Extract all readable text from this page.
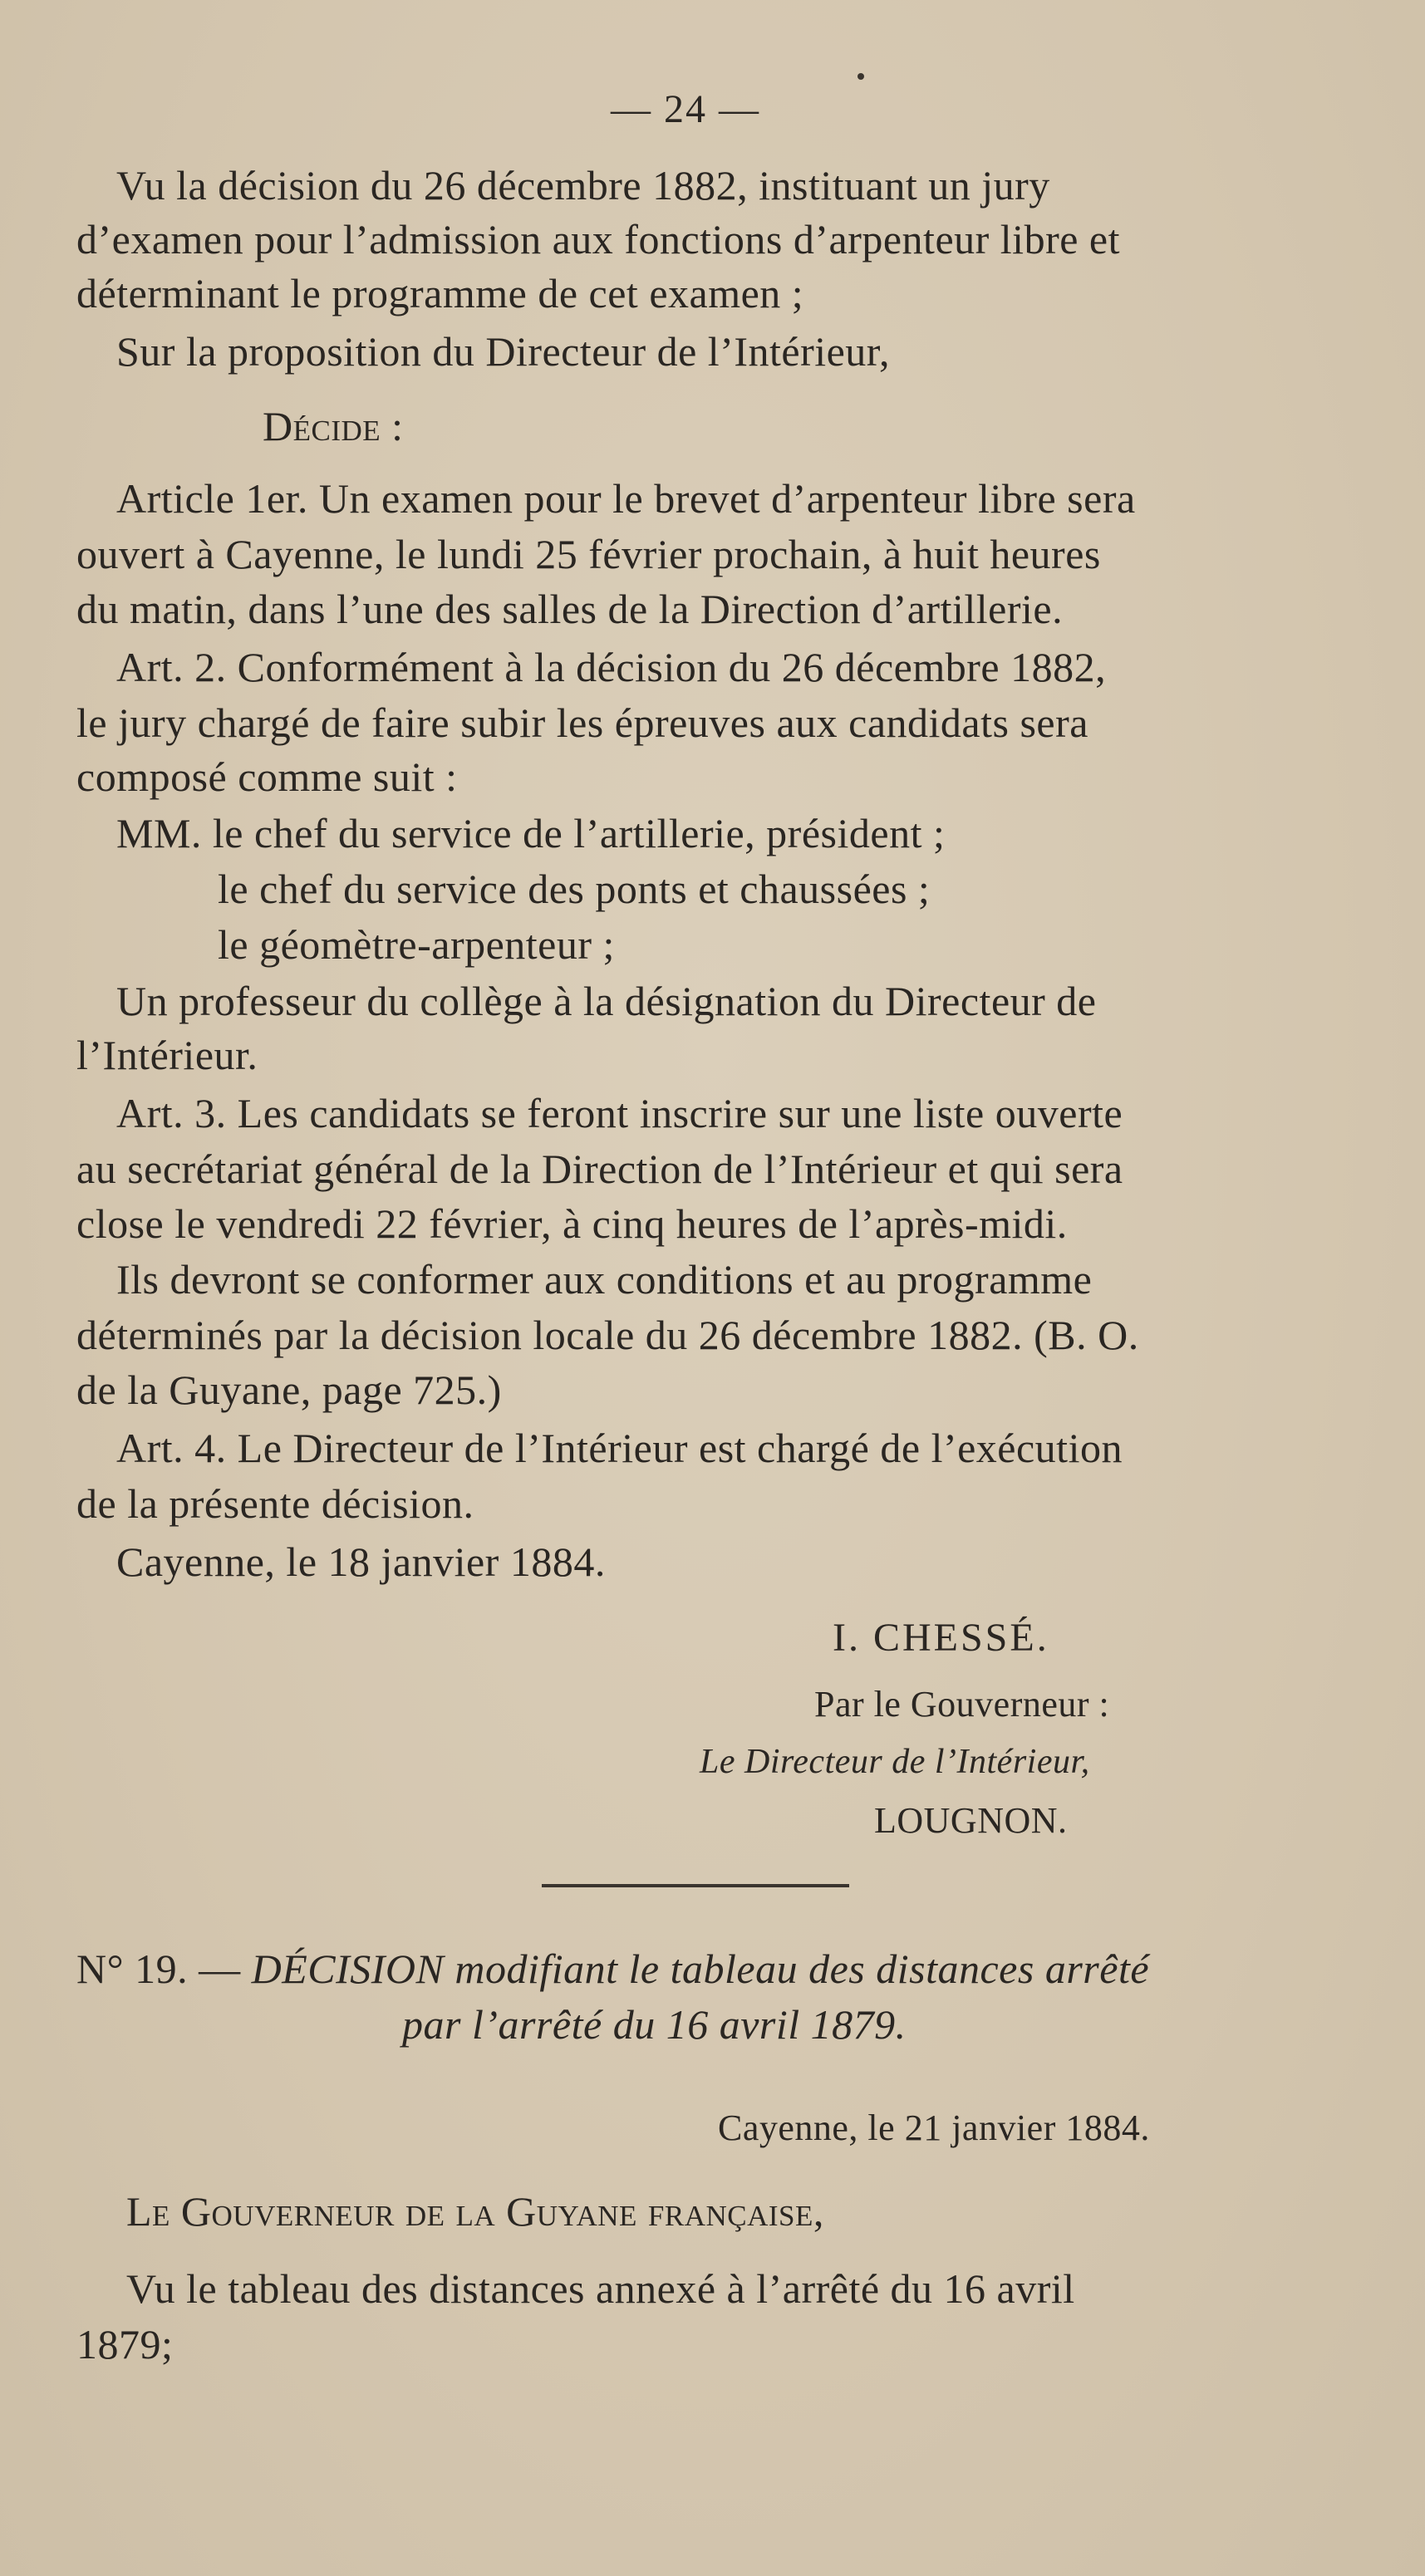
— 24 —
Vu la décision du 26 décembre 1882, instituant un jury
d’examen pour l’admission aux fonctions d’arpenteur libre et
déterminant le programme de cet examen ;
Sur la proposition du Directeur de l’Intérieur,
Décide :
Article 1er. Un examen pour le brevet d’arpenteur libre sera
ouvert à Cayenne, le lundi 25 février prochain, à huit heures
du matin, dans l’une des salles de la Direction d’artillerie.
Art. 2. Conformément à la décision du 26 décembre 1882,
le jury chargé de faire subir les épreuves aux candidats sera
composé comme suit :
MM. le chef du service de l’artillerie, président ;
le chef du service des ponts et chaussées ;
le géomètre-arpenteur ;
Un professeur du collège à la désignation du Directeur de
l’Intérieur.
Art. 3. Les candidats se feront inscrire sur une liste ouverte
au secrétariat général de la Direction de l’Intérieur et qui sera
close le vendredi 22 février, à cinq heures de l’après-midi.
Ils devront se conformer aux conditions et au programme
déterminés par la décision locale du 26 décembre 1882. (B. O.
de la Guyane, page 725.)
Art. 4. Le Directeur de l’Intérieur est chargé de l’exécution
de la présente décision.
Cayenne, le 18 janvier 1884.
I. CHESSÉ.
Par le Gouverneur :
Le Directeur de l’Intérieur,
LOUGNON.
N° 19. — DÉCISION modifiant le tableau des distances arrêté
par l’arrêté du 16 avril 1879.
Cayenne, le 21 janvier 1884.
Le Gouverneur de la Guyane française,
Vu le tableau des distances annexé à l’arrêté du 16 avril
1879;
